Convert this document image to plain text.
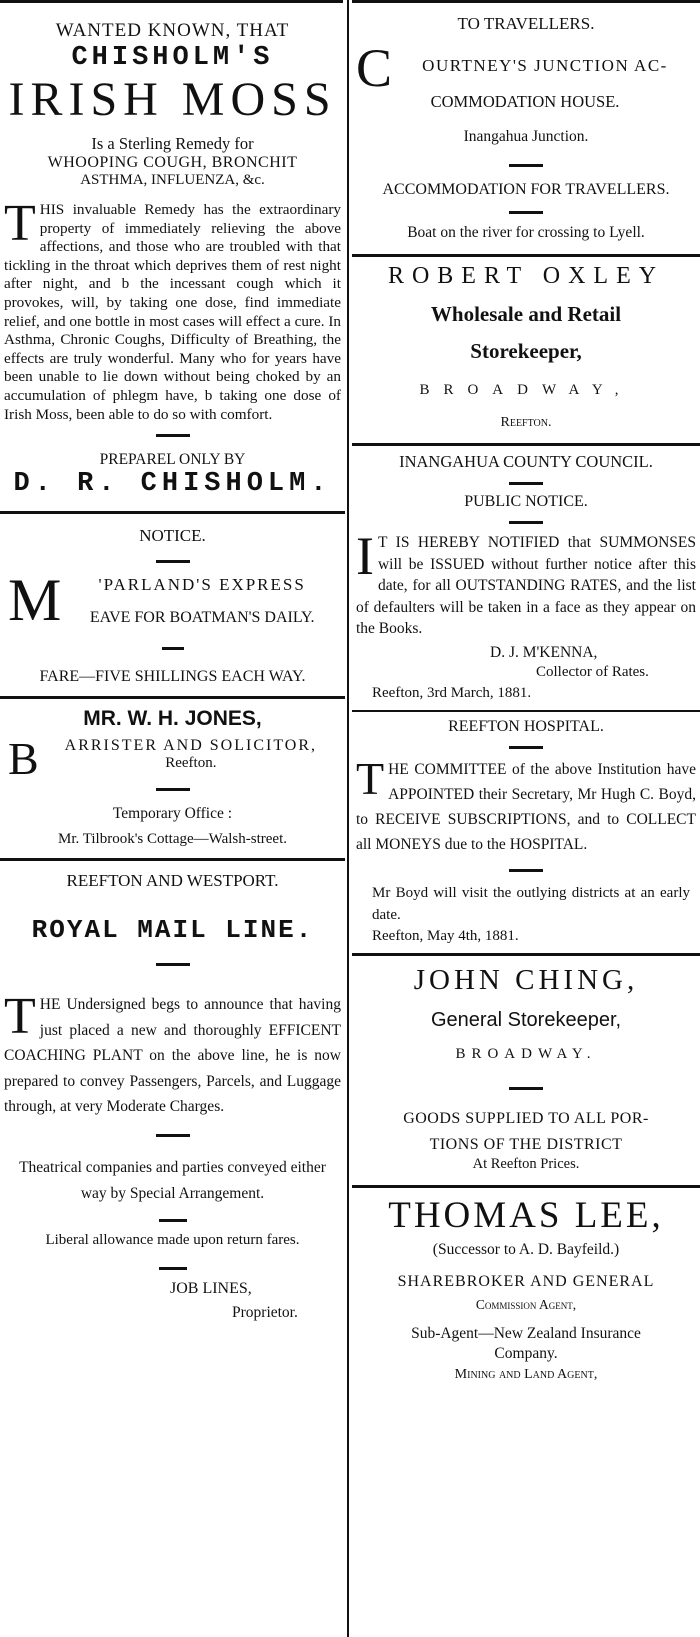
WANTED KNOWN, THAT

CHISHOLM'S

IRISH MOSS

Is a Sterling Remedy for

WHOOPING COUGH, BRONCHIT

ASTHMA, INFLUENZA, &c.

THIS invaluable Remedy has the extraordinary property of immediately relieving the above affections, and those who are troubled with that tickling in the throat which deprives them of rest night after night, and b the incessant cough which it provokes, will, by taking one dose, find immediate relief, and one bottle in most cases will effect a cure. In Asthma, Chronic Coughs, Difficulty of Breathing, the effects are truly wonderful. Many who for years have been unable to lie down without being choked by an accumulation of phlegm have, b taking one dose of Irish Moss, been able to do so with comfort.

PREPAREL ONLY BY

D. R. CHISHOLM.

NOTICE.

M	'PARLAND'S EXPRESS

EAVE FOR BOATMAN'S DAILY.

FARE—FIVE SHILLINGS EACH WAY.

MR. W. H. JONES,

B	ARRISTER AND SOLICITOR,

Reefton.

Temporary Office :

Mr. Tilbrook's Cottage—Walsh-street.

REEFTON AND WESTPORT.

ROYAL MAIL LINE.

THE Undersigned begs to announce that having just placed a new and thoroughly EFFICENT COACHING PLANT on the above line, he is now prepared to convey Passengers, Parcels, and Luggage through, at very Moderate Charges.

Theatrical companies and parties conveyed either way by Special Arrangement.

Liberal allowance made upon return fares.

JOB LINES,

Proprietor.

TO TRAVELLERS.

C	OURTNEY'S JUNCTION AC-

COMMODATION HOUSE.

Inangahua Junction.

ACCOMMODATION FOR TRAVELLERS.

Boat on the river for crossing to Lyell.

ROBERT OXLEY

Wholesale and Retail

Storekeeper,

BROADWAY,

Reefton.

INANGAHUA COUNTY COUNCIL.

PUBLIC NOTICE.

I T IS HEREBY NOTIFIED that SUMMONSES will be ISSUED without further notice after this date, for all OUTSTANDING RATES, and the list of defaulters will be taken in a face as they appear on the Books.

D. J. M'KENNA,

Collector of Rates.

Reefton, 3rd March, 1881.

REEFTON HOSPITAL.

THE COMMITTEE of the above Institution have APPOINTED their Secretary, Mr Hugh C. Boyd, to RECEIVE SUBSCRIPTIONS, and to COLLECT all MONEYS due to the HOSPITAL.

Mr Boyd will visit the outlying districts at an early date.

Reefton, May 4th, 1881.

JOHN CHING,

General Storekeeper,

BROADWAY.

GOODS SUPPLIED TO ALL POR-

TIONS OF THE DISTRICT

At Reefton Prices.

THOMAS LEE,

(Successor to A. D. Bayfeild.)

SHAREBROKER AND GENERAL

Commission Agent,

Sub-Agent—New Zealand Insurance

Company.

Mining and Land Agent,
